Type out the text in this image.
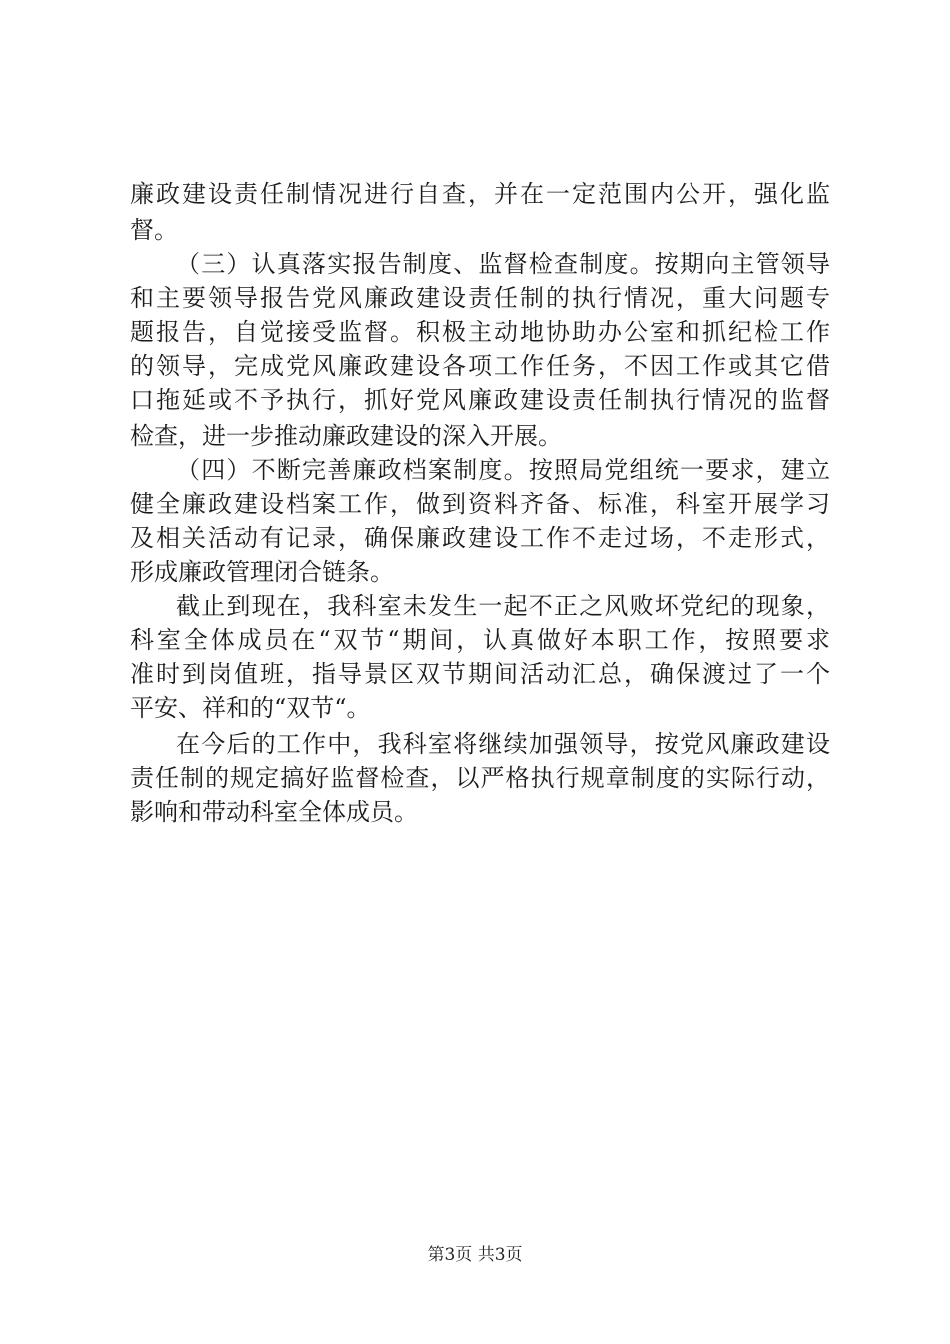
廉政建设责任制情况进行自查，并在一定范围内公开，强化监
督。
（三）认真落实报告制度、监督检查制度。按期向主管领导
和主要领导报告党风廉政建设责任制的执行情况，重大问题专
题报告，自觉接受监督。积极主动地协助办公室和抓纪检工作
的领导，完成党风廉政建设各项工作任务，不因工作或其它借
口拖延或不予执行，抓好党风廉政建设责任制执行情况的监督
检查，进一步推动廉政建设的深入开展。
（四）不断完善廉政档案制度。按照局党组统一要求，建立
健全廉政建设档案工作，做到资料齐备、标准，科室开展学习
及相关活动有记录，确保廉政建设工作不走过场，不走形式，
形成廉政管理闭合链条。
截止到现在，我科室未发生一起不正之风败坏党纪的现象，
科室全体成员在“双节“期间，认真做好本职工作，按照要求
准时到岗值班，指导景区双节期间活动汇总，确保渡过了一个
平安、祥和的“双节“。
在今后的工作中，我科室将继续加强领导，按党风廉政建设
责任制的规定搞好监督检查，以严格执行规章制度的实际行动，
影响和带动科室全体成员。
第3页 共3页
